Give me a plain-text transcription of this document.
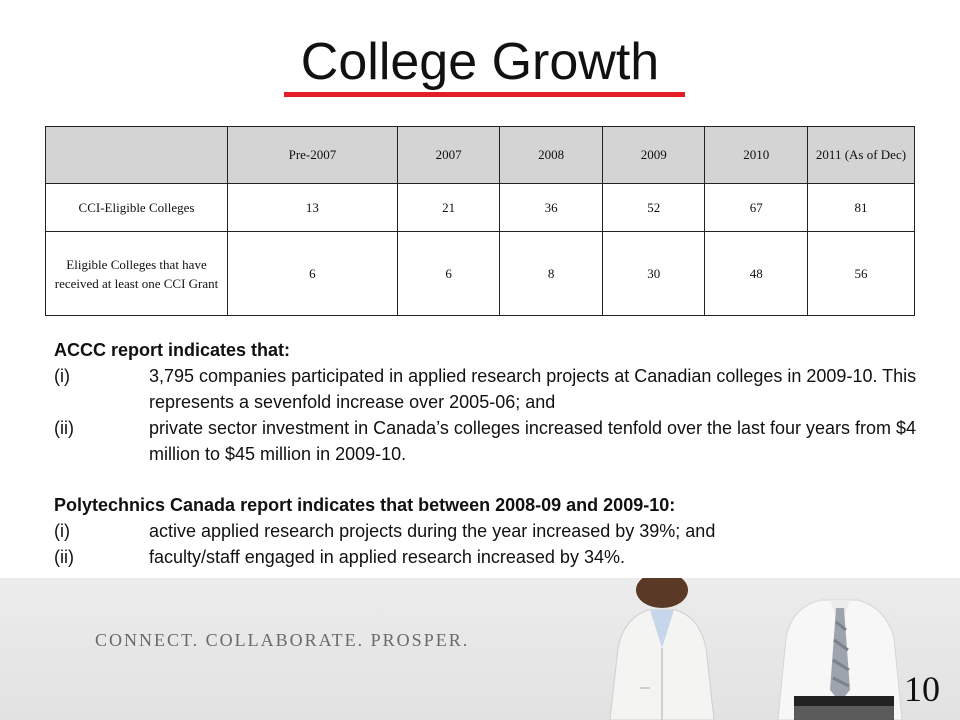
College Growth
	Pre-2007	2007	2008	2009	2010	2011 (As of Dec)
CCI-Eligible Colleges	13	21	36	52	67	81

Eligible Colleges that have
received at least one CCI Grant	6	6	8	30	48	56
ACCC report indicates that:
(i)	3,795 companies participated in applied research projects at Canadian colleges in 2009-10. This represents a sevenfold increase over 2005-06; and
(ii)	private sector investment in Canada’s colleges increased tenfold over the last four years from $4 million to $45 million in 2009-10.
Polytechnics Canada report indicates that between 2008-09 and 2009-10:
(i)	active applied research projects during the year increased by 39%; and
(ii)	faculty/staff engaged in applied research increased by 34%.
CONNECT. COLLABORATE. PROSPER.
10
